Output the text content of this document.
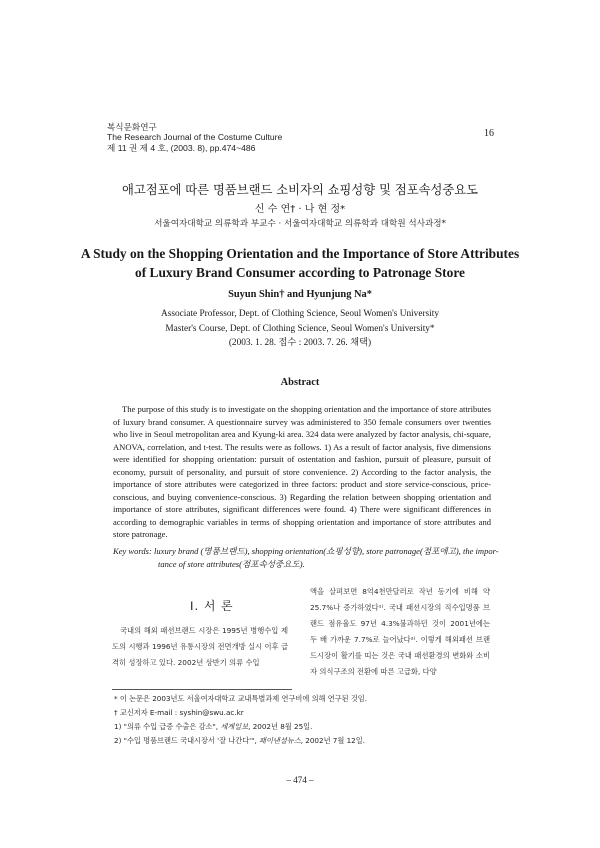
복식문화연구
The Research Journal of the Costume Culture
제 11 권 제 4 호, (2003. 8), pp.474~486
16
애고점포에 따른 명품브랜드 소비자의 쇼핑성향 및 점포속성중요도
신 수 연† · 나 현 정*
서울여자대학교 의류학과 부교수 · 서울여자대학교 의류학과 대학원 석사과정*
A Study on the Shopping Orientation and the Importance of Store Attributes
of Luxury Brand Consumer according to Patronage Store
Suyun Shin† and Hyunjung Na*
Associate Professor, Dept. of Clothing Science, Seoul Women's University
Master's Course, Dept. of Clothing Science, Seoul Women's University*
(2003. 1. 28. 접수 : 2003. 7. 26. 채택)
Abstract
The purpose of this study is to investigate on the shopping orientation and the importance of store attributes of luxury brand consumer. A questionnaire survey was administered to 350 female consumers over twenties who live in Seoul metropolitan area and Kyung-ki area. 324 data were analyzed by factor analysis, chi-square, ANOVA, correlation, and t-test. The results were as follows. 1) As a result of factor analysis, five dimensions were identified for shopping orientation: pursuit of ostentation and fashion, pursuit of pleasure, pursuit of economy, pursuit of personality, and pursuit of store convenience. 2) According to the factor analysis, the importance of store attributes were categorized in three factors: product and store service-conscious, price-conscious, and buying convenience-conscious. 3) Regarding the relation between shopping orientation and importance of store attributes, significant differences were found. 4) There were significant differences in according to demographic variables in terms of shopping orientation and importance of store attributes and store patronage.
Key words: luxury brand (명품브랜드), shopping orientation(쇼핑성향), store patronage(점포애고), the impor-
tance of store attributes(점포속성중요도).
I. 서 론
국내의 해외 패션브랜드 시장은 1995년 병행수입 제도의 시행과 1996년 유통시장의 전면개방 실시 이후 급격히 성장하고 있다. 2002년 상반기 의류 수입
액을 살펴보면 8억4천만달러로 작년 동기에 비해 약 25.7%나 증가하였다¹⁾. 국내 패션시장의 직수입명품 브랜드 점유율도 97년 4.3%불과하던 것이 2001년에는 두 배 가까운 7.7%로 늘어났다²⁾. 이렇게 해외패션 브랜드시장이 활기를 띠는 것은 국내 패션환경의 변화와 소비자 의식구조의 전환에 따른 고급화, 다양
* 이 논문은 2003년도 서울여자대학교 교내특별과제 연구비에 의해 연구된 것임.
† 교신저자 E-mail : syshin@swu.ac.kr
1) "의류 수입 급증 수출은 감소", 세계일보, 2002년 8월 25일.
2) "수입 명품브랜드 국내시장서 '잘 나간다'", 패이낸셜뉴스, 2002년 7월 12일.
– 474 –
